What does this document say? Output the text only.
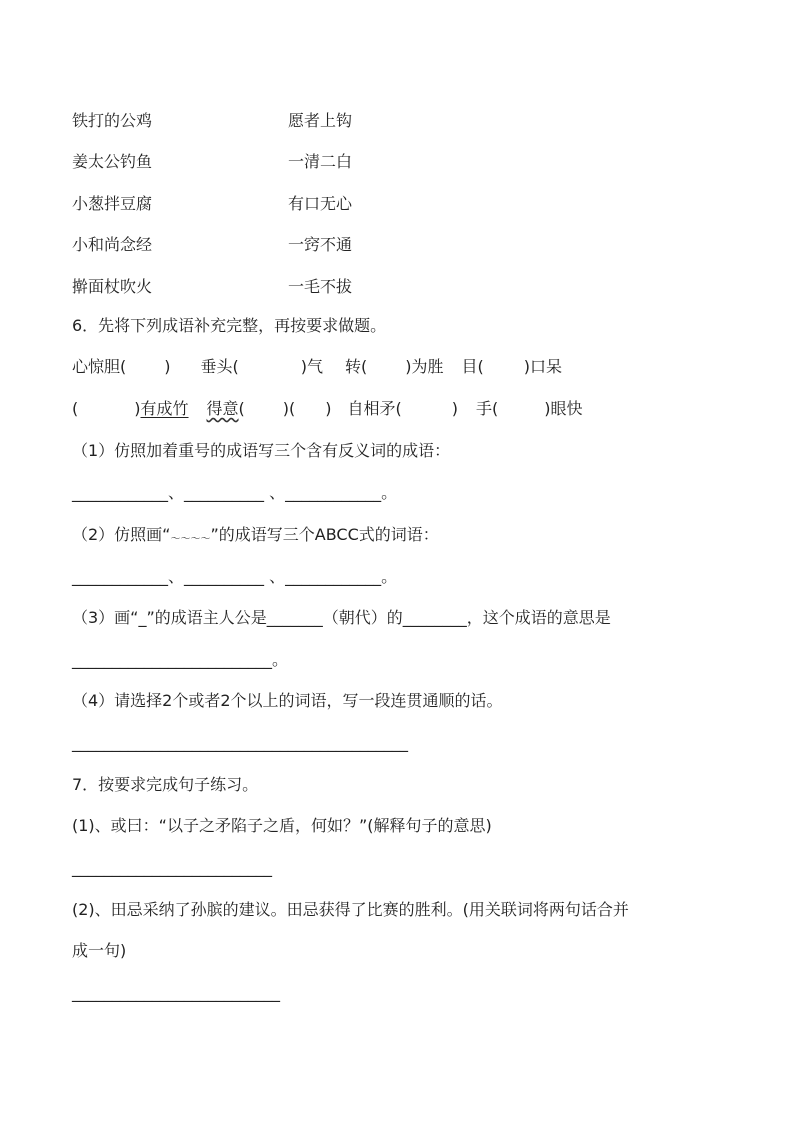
铁打的公鸡	愿者上钩
姜太公钓鱼	一清二白
小葱拌豆腐	有口无心
小和尚念经	一窍不通
擀面杖吹火	一毛不拔
6．先将下列成语补充完整，再按要求做题。
心惊胆( ) 垂头(	)气 转( )为胜 目(	)口呆
(	)有成竹 得意( )( ) 自相矛(	) 手(	)眼快
（1）仿照加着重号的成语写三个含有反义词的成语：
____________、__________ 、____________。
（2）仿照画“～～～～”的成语写三个ABCC式的词语：
____________、__________ 、____________。
（3）画“_”的成语主人公是_______（朝代）的________，这个成语的意思是
_________________________。
（4）请选择2个或者2个以上的词语，写一段连贯通顺的话。
__________________________________________
7．按要求完成句子练习。
(1)、或曰：“以子之矛陷子之盾，何如？”(解释句子的意思)
_________________________
(2)、田忌采纳了孙膑的建议。田忌获得了比赛的胜利。(用关联词将两句话合并
成一句)
__________________________
